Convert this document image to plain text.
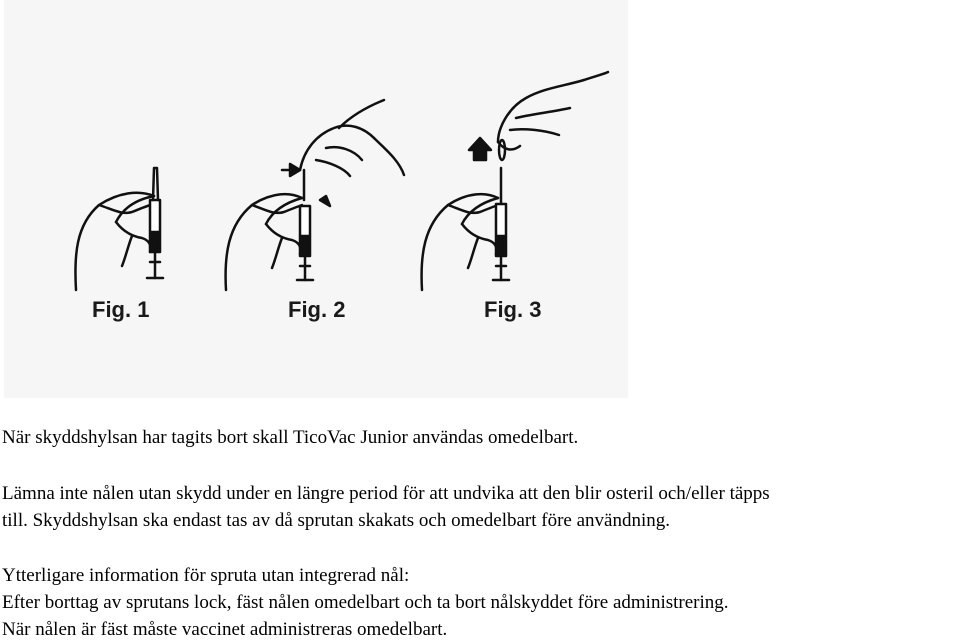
Fig. 1	Fig. 2	Fig. 3
När skyddshylsan har tagits bort skall TicoVac Junior användas omedelbart.
Lämna inte nålen utan skydd under en längre period för att undvika att den blir osteril och/eller täpps
till. Skyddshylsan ska endast tas av då sprutan skakats och omedelbart före användning.
Ytterligare information för spruta utan integrerad nål:
Efter borttag av sprutans lock, fäst nålen omedelbart och ta bort nålskyddet före administrering.
När nålen är fäst måste vaccinet administreras omedelbart.
